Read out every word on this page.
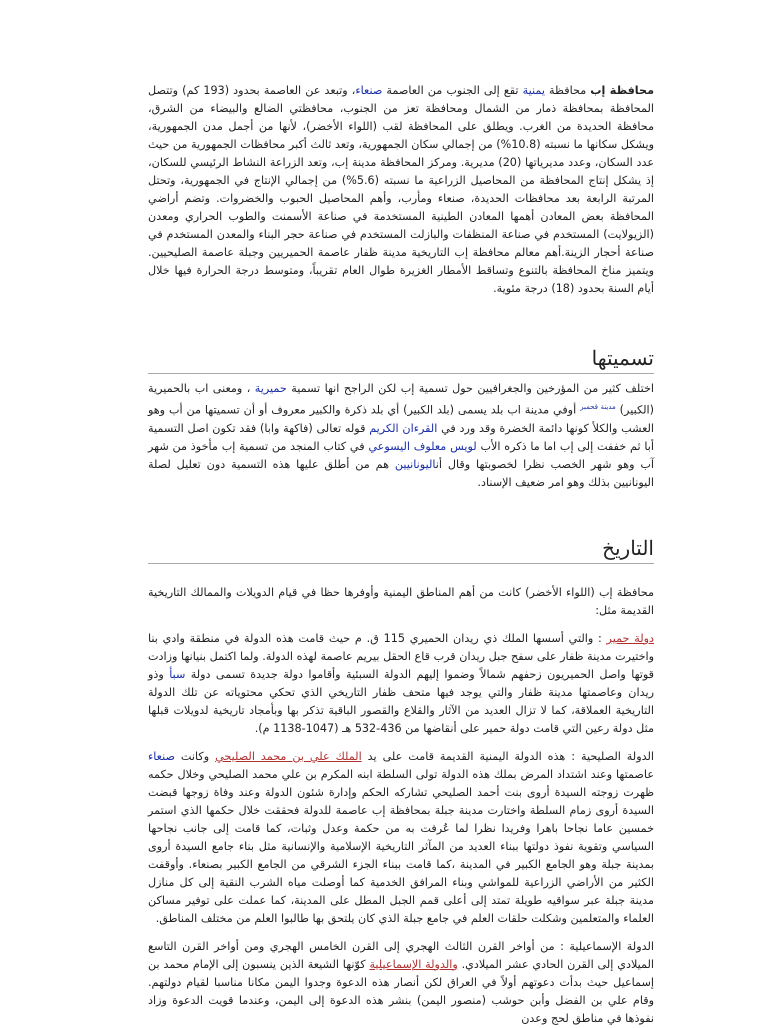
محافظة إب محافظة يمنية تقع إلى الجنوب من العاصمة صنعاء، وتبعد عن العاصمة بحدود (193 كم) وتتصل المحافظة بمحافظة ذمار من الشمال ومحافظة تعز من الجنوب، محافظتي الضالع والبيضاء من الشرق، محافظة الحديدة من الغرب. ويطلق على المحافظة لقب (اللواء الأخضر)، لأنها من أجمل مدن الجمهورية، ويشكل سكانها ما نسبته (10.8%) من إجمالي سكان الجمهورية، وتعد ثالث أكبر محافظات الجمهورية من حيث عدد السكان، وعدد مديرياتها (20) مديرية. ومركز المحافظة مدينة إب، وتعد الزراعة النشاط الرئيسي للسكان، إذ يشكل إنتاج المحافظة من المحاصيل الزراعية ما نسبته (5.6%) من إجمالي الإنتاج في الجمهورية، وتحتل المرتبة الرابعة بعد محافظات الحديدة، صنعاء ومأرب، وأهم المحاصيل الحبوب والخضروات. وتضم أراضي المحافظة بعض المعادن أهمها المعادن الطينية المستخدمة في صناعة الأسمنت والطوب الحراري ومعدن (الزيولايت) المستخدم في صناعة المنظفات والبازلت المستخدم في صناعة حجر البناء والمعدن المستخدم في صناعة أحجار الزينة.أهم معالم محافظة إب التاريخية مدينة ظفار عاصمة الحميريين وجبلة عاصمة الصليحيين. ويتميز مناخ المحافظة بالتنوع وتساقط الأمطار الغزيرة طوال العام تقريباً، ومتوسط درجة الحرارة فيها خلال أيام السنة بحدود (18) درجة مئوية.

تسميتها

اختلف كثير من المؤرخين والجغرافيين حول تسمية إب لكن الراجح انها تسمية حميرية ، ومعنى اب بالحميرية (الكبير) $^{مدينة قحمبر}$ أوفي مدينة اب بلد يسمى (بلد الكبير) أي بلد ذكرة والكبير معروف أو أن تسميتها من أب وهو العشب والكلأ كونها دائمة الخضرة وقد ورد في القرءان الكريم قوله تعالى (فاكهة وابا) فقد تكون اصل التسمية أبا ثم خففت إلى إب اما ما ذكره الأب لويس معلوف اليسوعي في كتاب المنجد من تسمية إب مأخوذ من شهر آب وهو شهر الخصب نظرا لخصوبتها وقال أناليونانيين هم من أطلق عليها هذه التسمية دون تعليل لصلة اليونانيين بذلك وهو امر ضعيف الإسناد.

التاريخ

محافظة إب (اللواء الأخضر) كانت من أهم المناطق اليمنية وأوفرها حظا في قيام الدويلات والممالك التاريخية القديمة مثل:

دولة حمير : والتي أسسها الملك ذي ريدان الحميري 115 ق. م حيث قامت هذه الدولة في منطقة وادي بنا واختيرت مدينة ظفار على سفح جبل ريدان قرب قاع الحقل بيريم عاصمة لهذه الدولة. ولما اكتمل بنيانها وزادت قوتها واصل الحميريون زحفهم شمالاً وضموا إليهم الدولة السبئية وأقاموا دولة جديدة تسمى دولة سبأ وذو ريدان وعاصمتها مدينة ظفار والتي يوجد فيها متحف ظفار التاريخي الذي تحكي محتوياته عن تلك الدولة التاريخية العملاقة، كما لا تزال العديد من الآثار والقلاع والقصور الباقية تذكر بها وبأمجاد تاريخية لدويلات قبلها مثل دولة رعين التي قامت دولة حمير على أنقاضها من 436-532 هـ (1047-1138 م).

الدولة الصليحية : هذه الدولة اليمنية القديمة قامت على يد الملك علي بن محمد الصليحي وكانت صنعاء عاصمتها وعند اشتداد المرض بملك هذه الدولة تولى السلطة ابنه المكرم بن علي محمد الصليحي وخلال حكمه ظهرت زوجته السيدة أروى بنت أحمد الصليحي تشاركه الحكم وإدارة شئون الدولة وعند وفاة زوجها قبضت السيدة أروى زمام السلطة واختارت مدينة جبلة بمحافظة إب عاصمة للدولة فحققت خلال حكمها الذي استمر خمسين عاما نجاحا باهرا وفريدا نظرا لما عُرفت به من حكمة وعدل وثبات، كما قامت إلى جانب نجاحها السياسي وتقوية نفوذ دولتها ببناء العديد من المآثر التاريخية الإسلامية والإنسانية مثل بناء جامع السيدة أروى بمدينة جبلة وهو الجامع الكبير في المدينة ،كما قامت ببناء الجزء الشرقي من الجامع الكبير بصنعاء. وأوقفت الكثير من الأراضي الزراعية للمواشي وبناء المرافق الخدمية كما أوصلت مياه الشرب النقية إلى كل منازل مدينة جبلة عبر سواقيه طويلة تمتد إلى أعلى قمم الجبل المطل على المدينة، كما عملت على توفير مساكن العلماء والمتعلمين وشكلت حلقات العلم في جامع جبلة الذي كان يلتحق بها طالبوا العلم من مختلف المناطق.

الدولة الإسماعيلية : من أواخر القرن الثالث الهجري إلى القرن الخامس الهجري ومن أواخر القرن التاسع الميلادي إلى القرن الحادي عشر الميلادي. والدولة الإسماعيلية كوّنها الشيعة الذين ينسبون إلى الإمام محمد بن إسماعيل حيث بدأت دعوتهم أولاً في العراق لكن أنصار هذه الدعوة وجدوا اليمن مكانا مناسبا لقيام دولتهم. وقام علي بن الفضل وأبن حوشب (منصور اليمن) بنشر هذه الدعوة إلى اليمن، وعندما قويت الدعوة وزاد نفوذها في مناطق لحج وعدن
